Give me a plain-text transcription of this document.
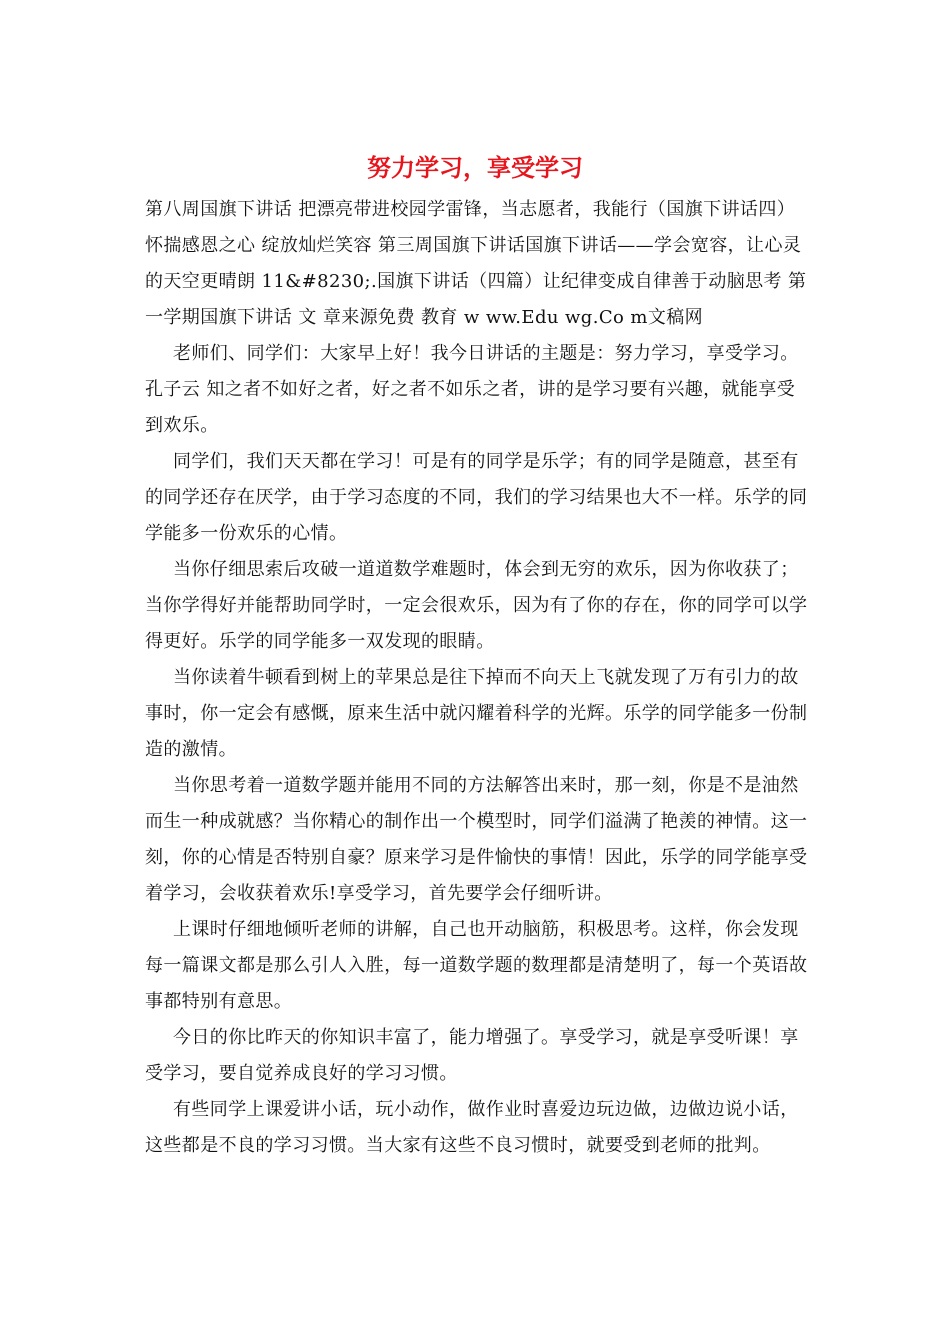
努力学习，享受学习
第八周国旗下讲话 把漂亮带进校园学雷锋，当志愿者，我能行（国旗下讲话四）怀揣感恩之心 绽放灿烂笑容 第三周国旗下讲话国旗下讲话——学会宽容，让心灵的天空更晴朗 11&#8230;.国旗下讲话（四篇）让纪律变成自律善于动脑思考 第一学期国旗下讲话 文 章来源免费 教育 w ww.Edu wg.Co m文稿网

老师们、同学们：大家早上好！我今日讲话的主题是：努力学习，享受学习。孔子云 知之者不如好之者，好之者不如乐之者，讲的是学习要有兴趣，就能享受到欢乐。

同学们，我们天天都在学习！可是有的同学是乐学；有的同学是随意，甚至有的同学还存在厌学，由于学习态度的不同，我们的学习结果也大不一样。乐学的同学能多一份欢乐的心情。

当你仔细思索后攻破一道道数学难题时，体会到无穷的欢乐，因为你收获了；当你学得好并能帮助同学时，一定会很欢乐，因为有了你的存在，你的同学可以学得更好。乐学的同学能多一双发现的眼睛。

当你读着牛顿看到树上的苹果总是往下掉而不向天上飞就发现了万有引力的故事时，你一定会有感慨，原来生活中就闪耀着科学的光辉。乐学的同学能多一份制造的激情。

当你思考着一道数学题并能用不同的方法解答出来时，那一刻，你是不是油然而生一种成就感？当你精心的制作出一个模型时，同学们溢满了艳羡的神情。这一刻，你的心情是否特别自豪？原来学习是件愉快的事情！因此，乐学的同学能享受着学习，会收获着欢乐!享受学习，首先要学会仔细听讲。

上课时仔细地倾听老师的讲解，自己也开动脑筋，积极思考。这样，你会发现每一篇课文都是那么引人入胜，每一道数学题的数理都是清楚明了，每一个英语故事都特别有意思。

今日的你比昨天的你知识丰富了，能力增强了。享受学习，就是享受听课！享受学习，要自觉养成良好的学习习惯。

有些同学上课爱讲小话，玩小动作，做作业时喜爱边玩边做，边做边说小话，这些都是不良的学习习惯。当大家有这些不良习惯时，就要受到老师的批判。
